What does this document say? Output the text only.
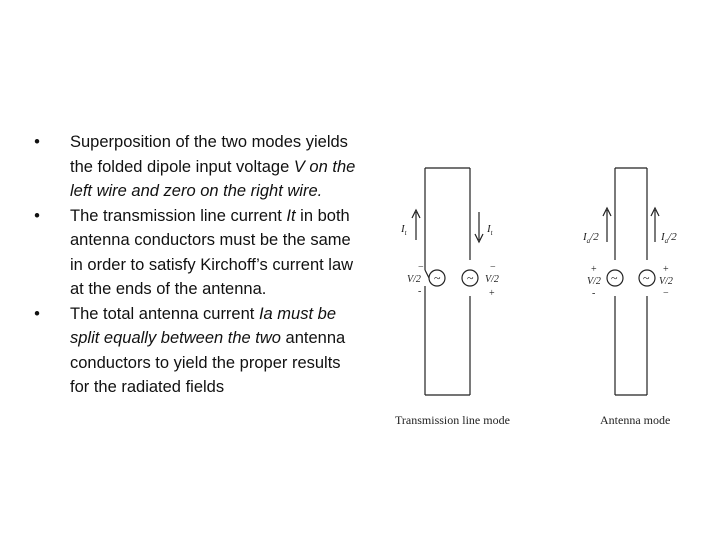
• Superposition of the two modes yields the folded dipole input voltage V on the left wire and zero on the right wire.
• The transmission line current It in both antenna conductors must be the same in order to satisfy Kirchoff’s current law at the ends of the antenna.
• The total antenna current Ia must be split equally between the two antenna conductors to yield the proper results for the radiated fields
$I_t$	$I_t$
~ ~
−
V/2
-
−
V/2
+
Transmission line mode
$I_a/2$	$I_a/2$
~ ~
+
V/2
-
+
V/2
−
Antenna mode
